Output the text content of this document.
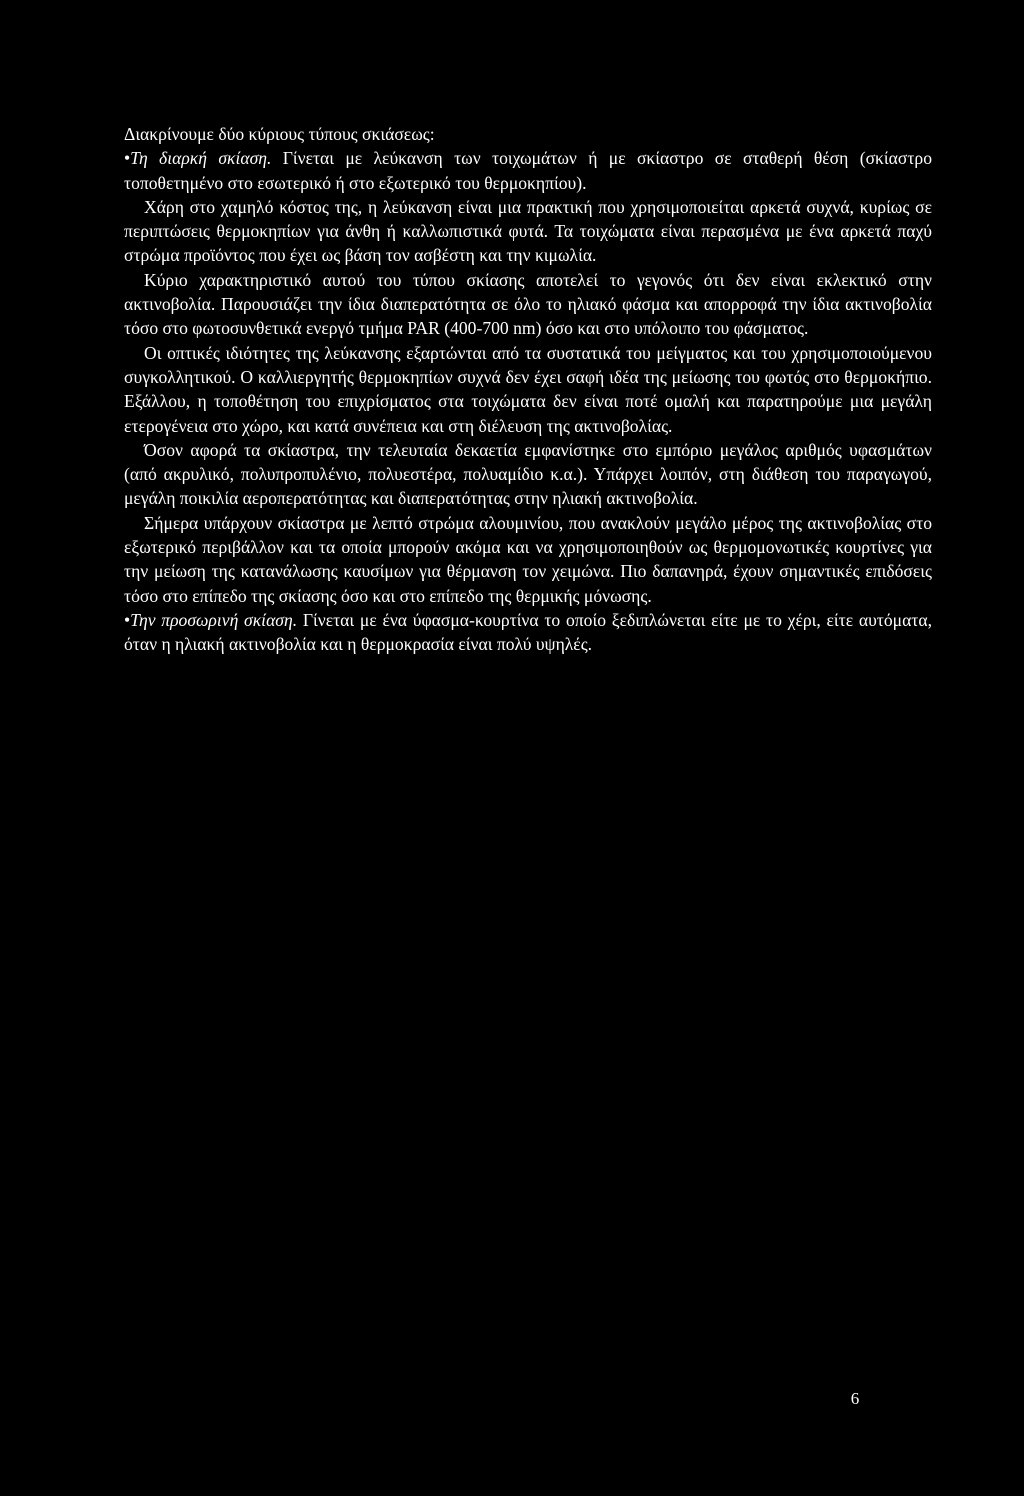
Διακρίνουμε δύο κύριους τύπους σκιάσεως:

•Τη διαρκή σκίαση. Γίνεται με λεύκανση των τοιχωμάτων ή με σκίαστρο σε σταθερή θέση (σκίαστρο τοποθετημένο στο εσωτερικό ή στο εξωτερικό του θερμοκηπίου).

Χάρη στο χαμηλό κόστος της, η λεύκανση είναι μια πρακτική που χρησιμοποιείται αρκετά συχνά, κυρίως σε περιπτώσεις θερμοκηπίων για άνθη ή καλλωπιστικά φυτά. Τα τοιχώματα είναι περασμένα με ένα αρκετά παχύ στρώμα προϊόντος που έχει ως βάση τον ασβέστη και την κιμωλία.

Κύριο χαρακτηριστικό αυτού του τύπου σκίασης αποτελεί το γεγονός ότι δεν είναι εκλεκτικό στην ακτινοβολία. Παρουσιάζει την ίδια διαπερατότητα σε όλο το ηλιακό φάσμα και απορροφά την ίδια ακτινοβολία τόσο στο φωτοσυνθετικά ενεργό τμήμα PAR (400-700 nm) όσο και στο υπόλοιπο του φάσματος.

Οι οπτικές ιδιότητες της λεύκανσης εξαρτώνται από τα συστατικά του μείγματος και του χρησιμοποιούμενου συγκολλητικού. Ο καλλιεργητής θερμοκηπίων συχνά δεν έχει σαφή ιδέα της μείωσης του φωτός στο θερμοκήπιο. Εξάλλου, η τοποθέτηση του επιχρίσματος στα τοιχώματα δεν είναι ποτέ ομαλή και παρατηρούμε μια μεγάλη ετερογένεια στο χώρο, και κατά συνέπεια και στη διέλευση της ακτινοβολίας.

Όσον αφορά τα σκίαστρα, την τελευταία δεκαετία εμφανίστηκε στο εμπόριο μεγάλος αριθμός υφασμάτων (από ακρυλικό, πολυπροπυλένιο, πολυεστέρα, πολυαμίδιο κ.α.). Υπάρχει λοιπόν, στη διάθεση του παραγωγού, μεγάλη ποικιλία αεροπερατότητας και διαπερατότητας στην ηλιακή ακτινοβολία.

Σήμερα υπάρχουν σκίαστρα με λεπτό στρώμα αλουμινίου, που ανακλούν μεγάλο μέρος της ακτινοβολίας στο εξωτερικό περιβάλλον και τα οποία μπορούν ακόμα και να χρησιμοποιηθούν ως θερμομονωτικές κουρτίνες για την μείωση της κατανάλωσης καυσίμων για θέρμανση τον χειμώνα. Πιο δαπανηρά, έχουν σημαντικές επιδόσεις τόσο στο επίπεδο της σκίασης όσο και στο επίπεδο της θερμικής μόνωσης.

•Την προσωρινή σκίαση. Γίνεται με ένα ύφασμα-κουρτίνα το οποίο ξεδιπλώνεται είτε με το χέρι, είτε αυτόματα, όταν η ηλιακή ακτινοβολία και η θερμοκρασία είναι πολύ υψηλές.

6
